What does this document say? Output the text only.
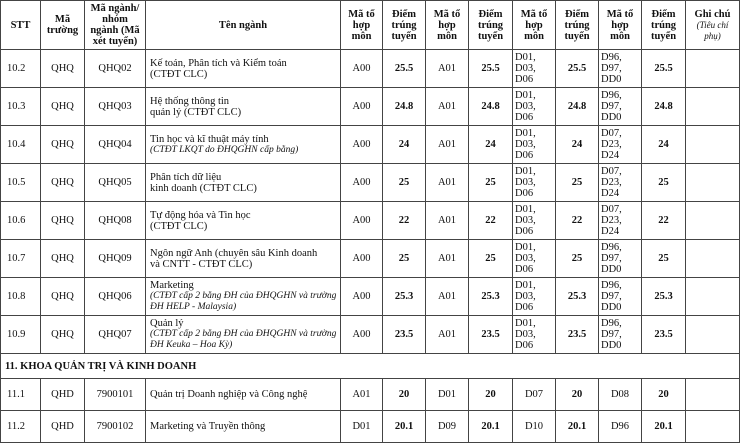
STT	Mã trường	Mã ngành/ nhóm ngành (Mã xét tuyển)	Tên ngành	Mã tổ hợp môn	Điểm trúng tuyển	Mã tổ hợp môn	Điểm trúng tuyển	Mã tổ hợp môn	Điểm trúng tuyển	Mã tổ hợp môn	Điểm trúng tuyển	Ghi chú
(Tiêu chí phụ)

10.2	QHQ	QHQ02	Kế toán, Phân tích và Kiểm toán
(CTĐT CLC)	A00	25.5	A01	25.5	D01, D03, D06	25.5	D96, D97, DD0	25.5	
10.3	QHQ	QHQ03	Hệ thống thông tin
quản lý (CTĐT CLC)	A00	24.8	A01	24.8	D01, D03, D06	24.8	D96, D97, DD0	24.8	
10.4	QHQ	QHQ04	Tin học và kĩ thuật máy tính
(CTĐT LKQT do ĐHQGHN cấp bằng)	A00	24	A01	24	D01, D03, D06	24	D07, D23, D24	24	
10.5	QHQ	QHQ05	Phân tích dữ liệu
kinh doanh (CTĐT CLC)	A00	25	A01	25	D01, D03, D06	25	D07, D23, D24	25	
10.6	QHQ	QHQ08	Tự động hóa và Tin học
(CTĐT CLC)	A00	22	A01	22	D01, D03, D06	22	D07, D23, D24	22	
10.7	QHQ	QHQ09	Ngôn ngữ Anh (chuyên sâu Kinh doanh
và CNTT - CTĐT CLC)	A00	25	A01	25	D01, D03, D06	25	D96, D97, DD0	25	
10.8	QHQ	QHQ06	Marketing
(CTĐT cấp 2 bằng ĐH của ĐHQGHN và trường ĐH HELP - Malaysia)	A00	25.3	A01	25.3	D01, D03, D06	25.3	D96, D97, DD0	25.3	
10.9	QHQ	QHQ07	Quản lý
(CTĐT cấp 2 bằng ĐH của ĐHQGHN và trường ĐH Keuka – Hoa Kỳ)	A00	23.5	A01	23.5	D01, D03, D06	23.5	D96, D97, DD0	23.5	
11. KHOA QUẢN TRỊ VÀ KINH DOANH												
11.1	QHD	7900101	Quản trị Doanh nghiệp và Công nghệ	A01	20	D01	20	D07	20	D08	20	
11.2	QHD	7900102	Marketing và Truyền thông	D01	20.1	D09	20.1	D10	20.1	D96	20.1	
